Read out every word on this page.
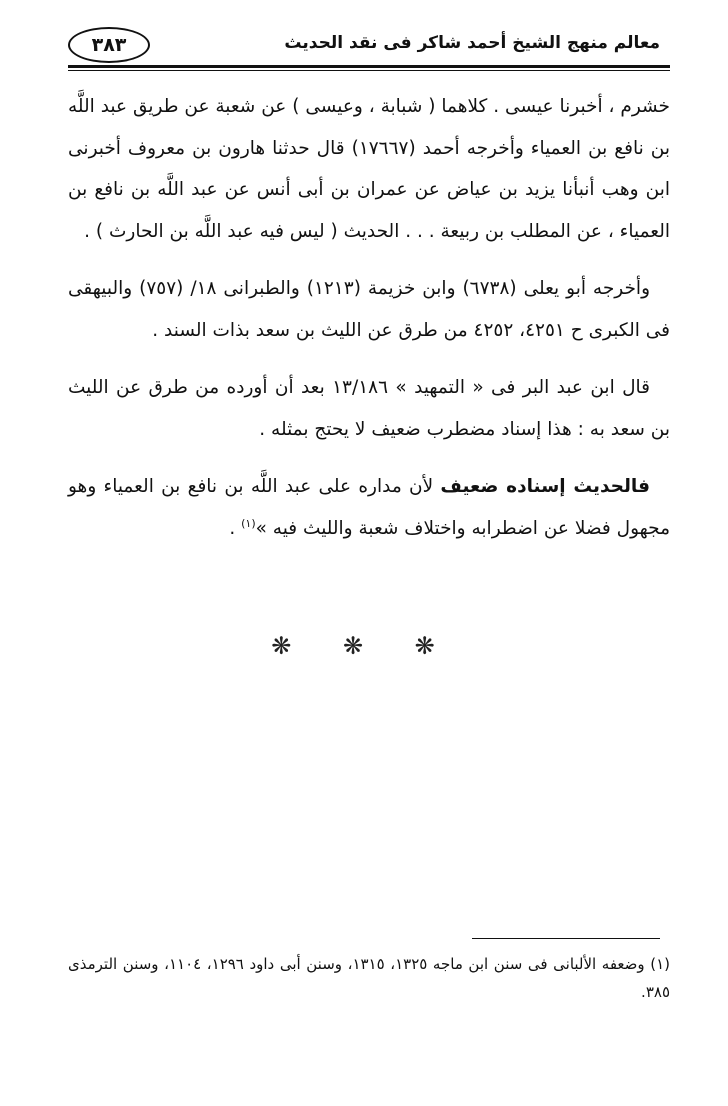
معالم منهج الشيخ أحمد شاكر فى نقد الحديث
٣٨٣

خشرم ، أخبرنا عيسى . كلاهما ( شبابة ، وعيسى ) عن شعبة عن طريق عبد اللَّه بن نافع بن العمياء وأخرجه أحمد (١٧٦٦٧) قال حدثنا هارون بن معروف أخبرنى ابن وهب أنبأنا يزيد بن عياض عن عمران بن أبى أنس عن عبد اللَّه بن نافع بن العمياء ، عن المطلب بن ربيعة . . . الحديث ( ليس فيه عبد اللَّه بن الحارث ) .

وأخرجه أبو يعلى (٦٧٣٨) وابن خزيمة (١٢١٣) والطبرانى ١٨/ (٧٥٧) والبيهقى فى الكبرى ح ٤٢٥١، ٤٢٥٢ من طرق عن الليث بن سعد بذات السند .

قال ابن عبد البر فى « التمهيد » ١٣/١٨٦ بعد أن أورده من طرق عن الليث بن سعد به : هذا إسناد مضطرب ضعيف لا يحتج بمثله .

فالحديث إسناده ضعيف لأن مداره على عبد اللَّه بن نافع بن العمياء وهو مجهول فضلا عن اضطرابه واختلاف شعبة والليث فيه »$^{(١)}$ .

❋ ❋ ❋
(١) وضعفه الألبانى فى سنن ابن ماجه ١٣٢٥، ١٣١٥، وسنن أبى داود ١٢٩٦، ١١٠٤، وسنن الترمذى ٣٨٥.
